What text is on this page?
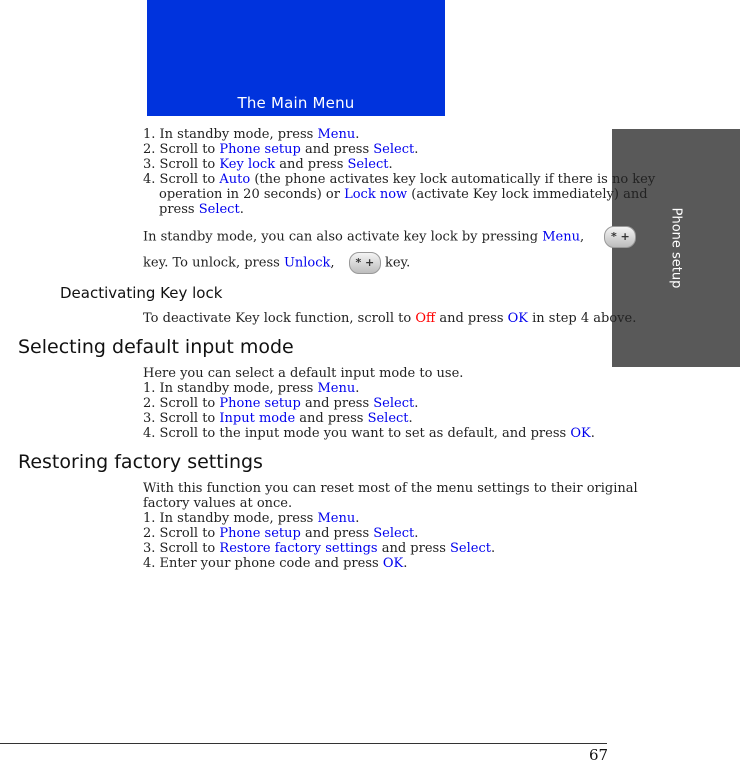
The Main Menu
Phone setup
1. In standby mode, press Menu.
2. Scroll to Phone setup and press Select.
3. Scroll to Key lock and press Select.
4. Scroll to Auto (the phone activates key lock automatically if there is no key
operation in 20 seconds) or Lock now (activate Key lock immediately) and
press Select.
In standby mode, you can also activate key lock by pressing Menu,	* +
key. To unlock, press Unlock,	* + key.
Deactivating Key lock
To deactivate Key lock function, scroll to Off and press OK in step 4 above.
Selecting default input mode
Here you can select a default input mode to use.
1. In standby mode, press Menu.
2. Scroll to Phone setup and press Select.
3. Scroll to Input mode and press Select.
4. Scroll to the input mode you want to set as default, and press OK.
Restoring factory settings
With this function you can reset most of the menu settings to their original
factory values at once.
1. In standby mode, press Menu.
2. Scroll to Phone setup and press Select.
3. Scroll to Restore factory settings and press Select.
4. Enter your phone code and press OK.
67
